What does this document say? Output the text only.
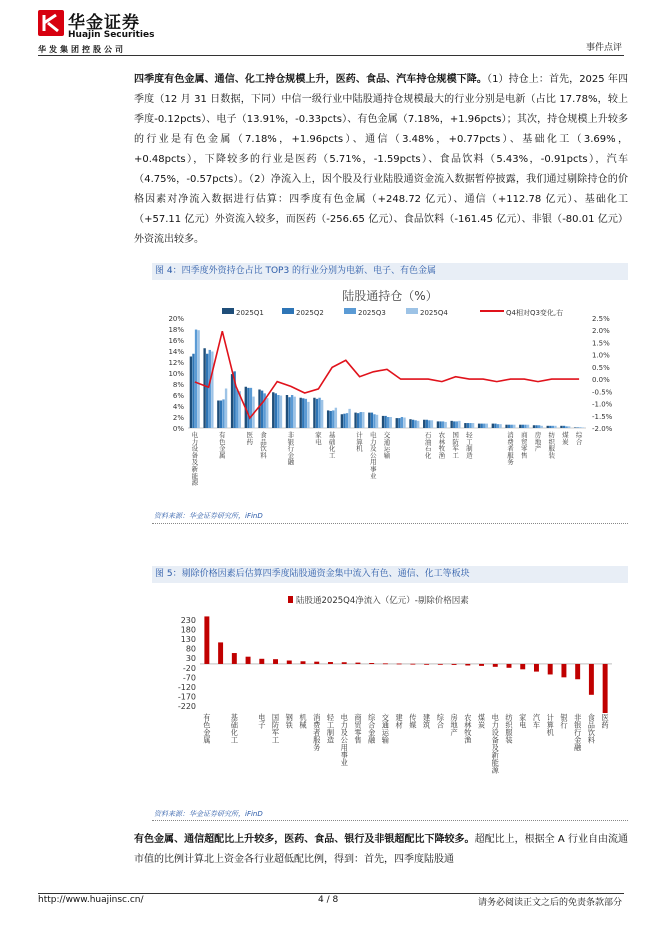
华金证券
Huajin Securities
华发集团控股公司	事件点评
四季度有色金属、通信、化工持仓规模上升，医药、食品、汽车持仓规模下降。（1）持仓上：首先，2025 年四季度（12 月 31 日数据，下同）中信一级行业中陆股通持仓规模最大的行业分别是电新（占比 17.78%，较上季度-0.12pcts）、电子（13.91%，-0.33pcts）、有色金属（7.18%，+1.96pcts）；其次，持仓规模上升较多的行业是有色金属（7.18%，+1.96pcts）、通信（3.48%，+0.77pcts）、基础化工（3.69%，+0.48pcts），下降较多的行业是医药（5.71%，-1.59pcts）、食品饮料（5.43%，-0.91pcts），汽车（4.75%，-0.57pcts）。（2）净流入上，因个股及行业陆股通资金流入数据暂停披露，我们通过剔除持仓的价格因素对净流入数据进行估算：四季度有色金属（+248.72 亿元）、通信（+112.78 亿元）、基础化工（+57.11 亿元）外资流入较多，而医药（-256.65 亿元）、食品饮料（-161.45 亿元）、非银（-80.01 亿元）外资流出较多。
图 4：四季度外资持仓占比 TOP3 的行业分别为电新、电子、有色金属
陆股通持仓（%）
2025Q1	2025Q2	2025Q3	2025Q4	Q4相对Q3变化,右
0%
2%
4%
6%
8%
10%
12%
14%
16%
18%
20%
-2.0%
-1.5%
-1.0%
-0.5%
0.0%
0.5%
1.0%
1.5%
2.0%
2.5%
电力设备及新能源
有色金属
医药
食品饮料
非银行金融
家电
基础化工
计算机
电力及公用事业
交通运输
石油石化
农林牧渔
国防军工
轻工制造
消费者服务
商贸零售
房地产
纺织服装
煤炭
综合
资料来源：华金证券研究所，iFinD
图 5：剔除价格因素后估算四季度陆股通资金集中流入有色、通信、化工等板块
陆股通2025Q4净流入（亿元）-剔除价格因素
-220
-170
-120
-70
-20
30
80
130
180
230
有色金属
基础化工
电子
国防军工
钢铁
机械
消费者服务
轻工制造
电力及公用事业
商贸零售
综合金融
交通运输
建材
传媒
建筑
综合
房地产
农林牧渔
煤炭
电力设备及新能源
纺织服装
家电
汽车
计算机
银行
非银行金融
食品饮料
医药
资料来源：华金证券研究所，iFinD
有色金属、通信超配比上升较多，医药、食品、银行及非银超配比下降较多。超配比上，根据全 A 行业自由流通市值的比例计算北上资金各行业超低配比例，得到：首先，四季度陆股通
http://www.huajinsc.cn/	4 / 8	请务必阅读正文之后的免责条款部分
